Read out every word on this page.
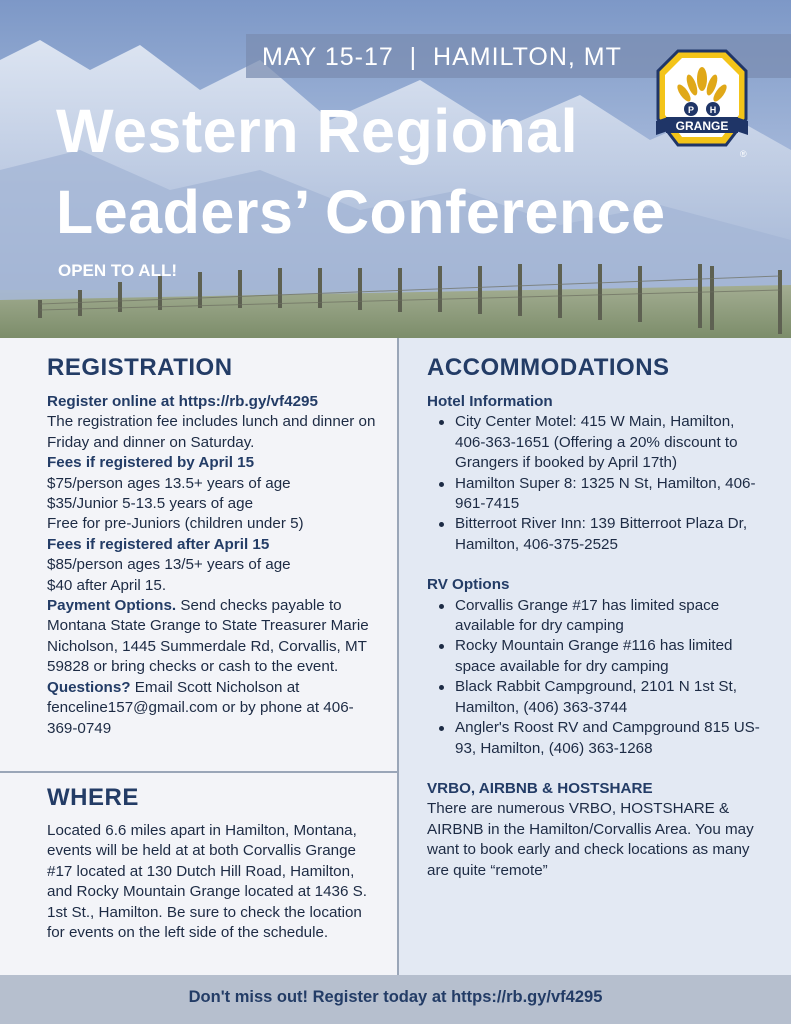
MAY 15-17  |  HAMILTON, MT
Western Regional
Leaders’ Conference
OPEN TO ALL!
P H
GRANGE
®
REGISTRATION
Register online at https://rb.gy/vf4295
The registration fee includes lunch and dinner on Friday and dinner on Saturday.
Fees if registered by April 15
$75/person ages 13.5+ years of age
$35/Junior 5-13.5 years of age
Free for pre-Juniors (children under 5)
Fees if registered after April 15
$85/person ages 13/5+ years of age
$40 after April 15.
Payment Options. Send checks payable to Montana State Grange to State Treasurer Marie Nicholson, 1445 Summerdale Rd, Corvallis, MT 59828 or bring checks or cash to the event.
Questions? Email Scott Nicholson at fenceline157@gmail.com or by phone at 406-369-0749
WHERE
Located 6.6 miles apart in Hamilton, Montana, events will be held at at both Corvallis Grange #17 located at 130 Dutch Hill Road, Hamilton, and Rocky Mountain Grange located at 1436 S. 1st St., Hamilton. Be sure to check the location for events on the left side of the schedule.
ACCOMMODATIONS
Hotel Information
City Center Motel: 415 W Main, Hamilton, 406-363-1651 (Offering a 20% discount to Grangers if booked by April 17th)
Hamilton Super 8: 1325 N St, Hamilton, 406-961-7415
Bitterroot River Inn: 139 Bitterroot Plaza Dr, Hamilton, 406-375-2525
RV Options
Corvallis Grange #17 has limited space available for dry camping
Rocky Mountain Grange #116 has limited space available for dry camping
Black Rabbit Campground, 2101 N 1st St, Hamilton, (406) 363-3744
Angler's Roost RV and Campground 815 US-93, Hamilton, (406) 363-1268
VRBO, AIRBNB & HOSTSHARE
There are numerous VRBO, HOSTSHARE & AIRBNB in the Hamilton/Corvallis Area. You may want to book early and check locations as many are quite “remote”
Don't miss out! Register today at https://rb.gy/vf4295
